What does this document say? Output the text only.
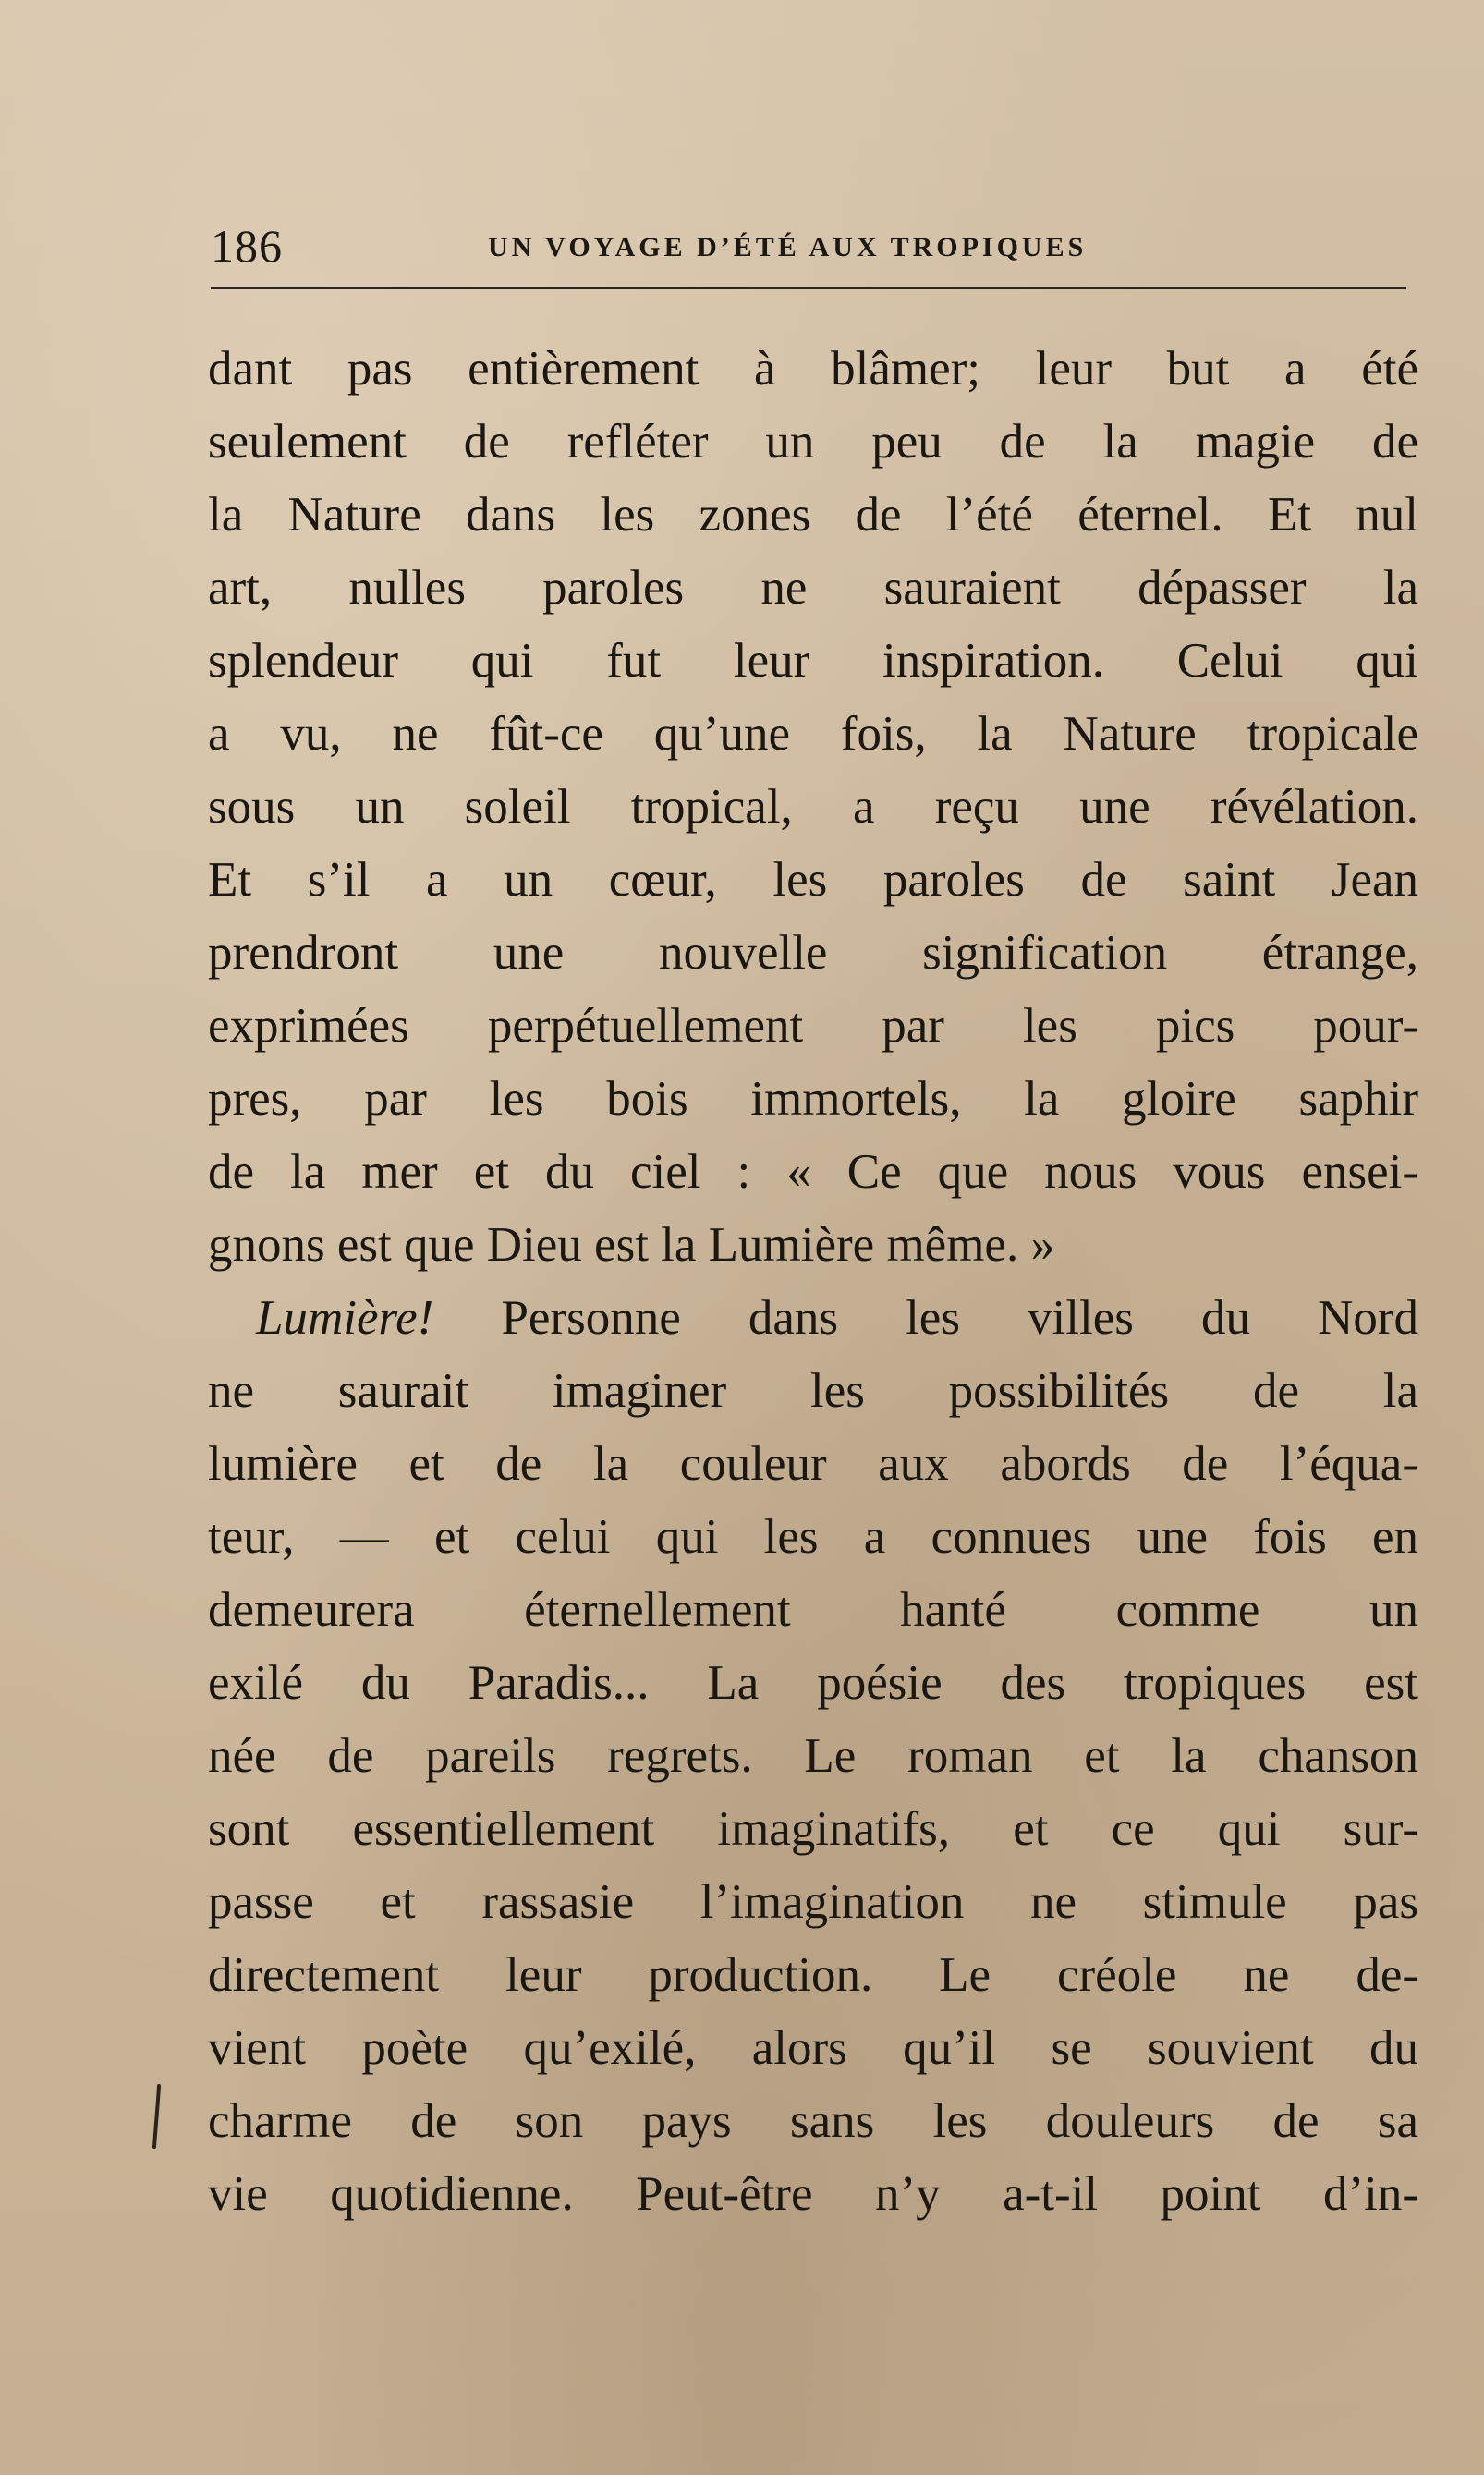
186	UN VOYAGE D’ÉTÉ AUX TROPIQUES
dant pas entièrement à blâmer; leur but a été
seulement de refléter un peu de la magie de
la Nature dans les zones de l’été éternel. Et nul
art, nulles paroles ne sauraient dépasser la
splendeur qui fut leur inspiration. Celui qui
a vu, ne fût-ce qu’une fois, la Nature tropicale
sous un soleil tropical, a reçu une révélation.
Et s’il a un cœur, les paroles de saint Jean
prendront une nouvelle signification étrange,
exprimées perpétuellement par les pics pour-
pres, par les bois immortels, la gloire saphir
de la mer et du ciel : « Ce que nous vous ensei-
gnons est que Dieu est la Lumière même. »
Lumière! Personne dans les villes du Nord
ne saurait imaginer les possibilités de la
lumière et de la couleur aux abords de l’équa-
teur, — et celui qui les a connues une fois en
demeurera éternellement hanté comme un
exilé du Paradis... La poésie des tropiques est
née de pareils regrets. Le roman et la chanson
sont essentiellement imaginatifs, et ce qui sur-
passe et rassasie l’imagination ne stimule pas
directement leur production. Le créole ne de-
vient poète qu’exilé, alors qu’il se souvient du
charme de son pays sans les douleurs de sa
vie quotidienne. Peut-être n’y a-t-il point d’in-
